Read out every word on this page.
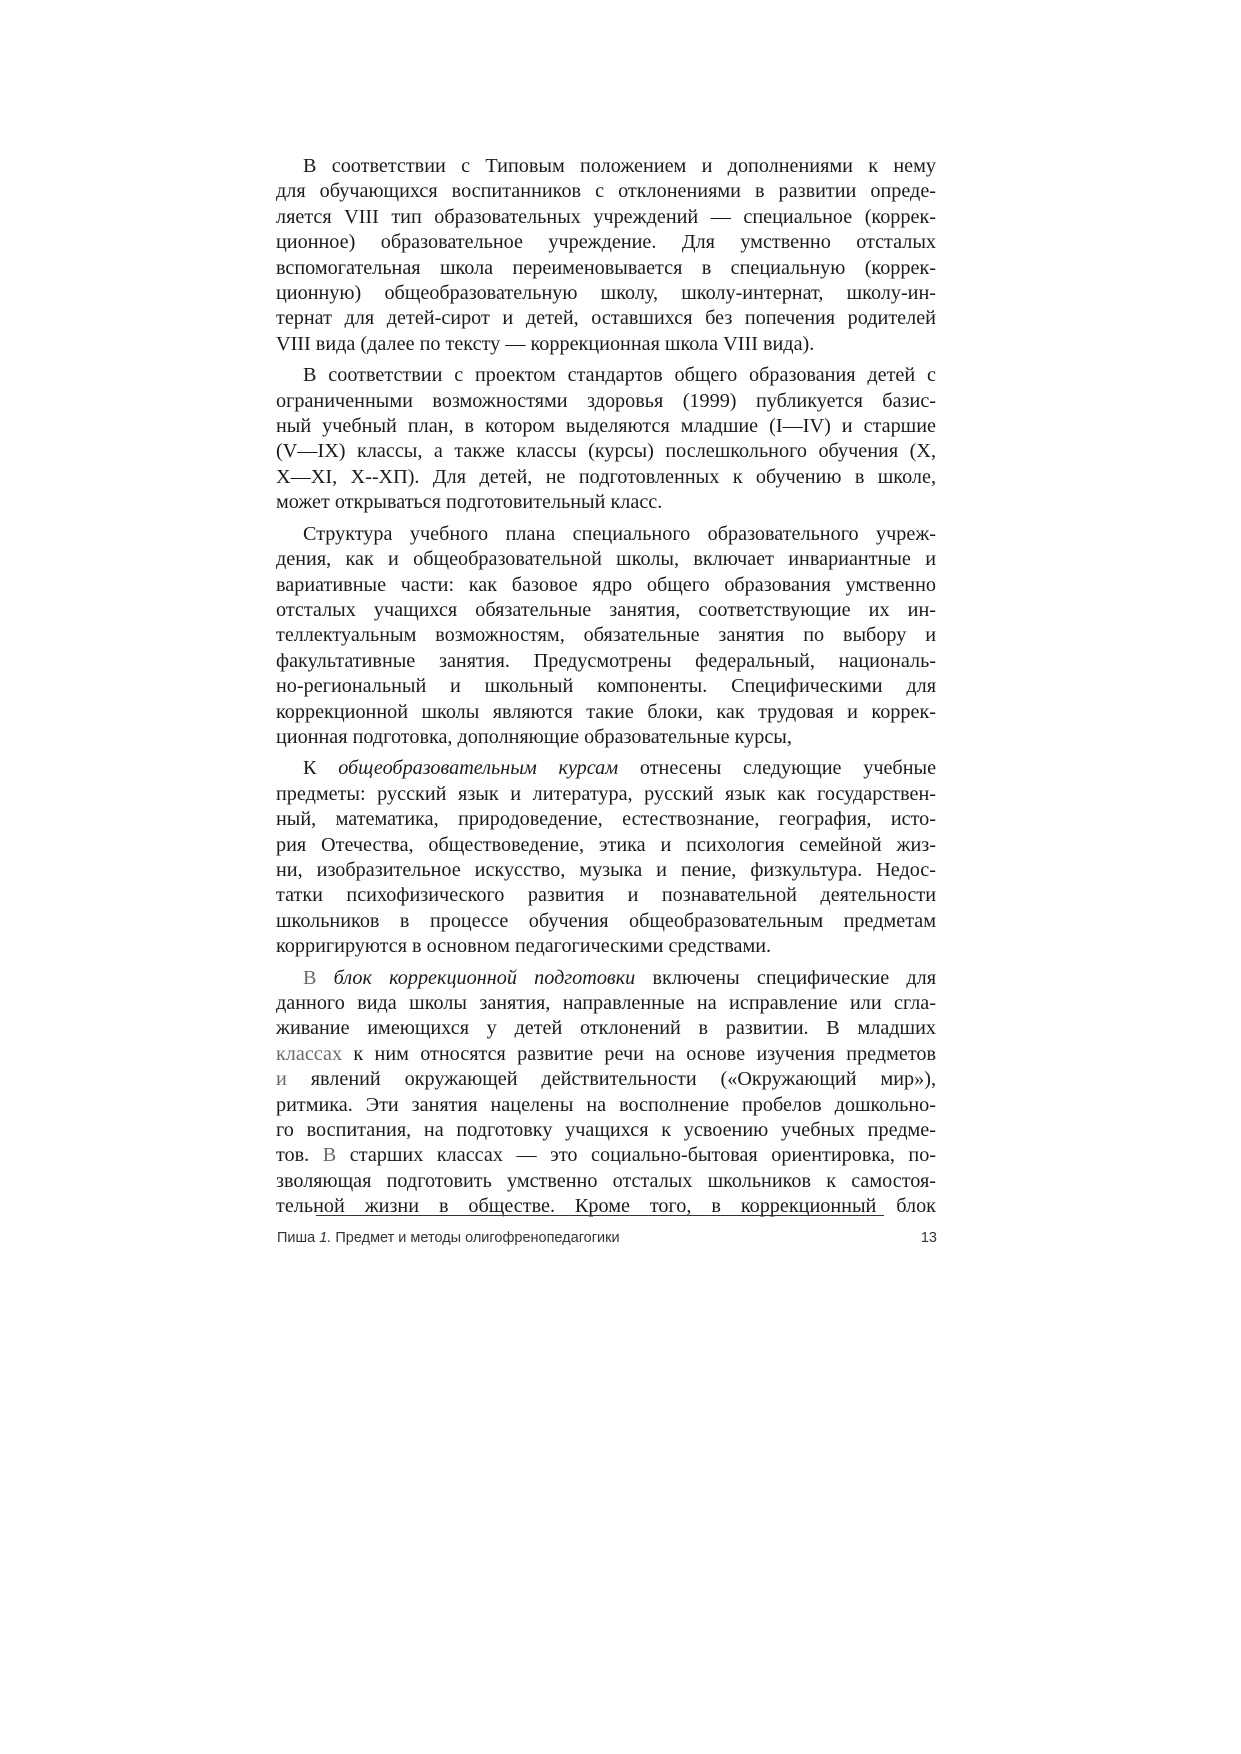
В соответствии с Типовым положением и дополнениями к нему
для обучающихся воспитанников с отклонениями в развитии опреде-
ляется VIII тип образовательных учреждений — специальное (коррек-
ционное) образовательное учреждение. Для умственно отсталых
вспомогательная школа переименовывается в специальную (коррек-
ционную) общеобразовательную школу, школу-интернат, школу-ин-
тернат для детей-сирот и детей, оставшихся без попечения родителей
VIII вида (далее по тексту — коррекционная школа VIII вида).
В соответствии с проектом стандартов общего образования детей с
ограниченными возможностями здоровья (1999) публикуется базис-
ный учебный план, в котором выделяются младшие (I—IV) и старшие
(V—IX) классы, а также классы (курсы) послешкольного обучения (X,
X—XI, X--XП). Для детей, не подготовленных к обучению в школе,
может открываться подготовительный класс.
Структура учебного плана специального образовательного учреж-
дения, как и общеобразовательной школы, включает инвариантные и
вариативные части: как базовое ядро общего образования умственно
отсталых учащихся обязательные занятия, соответствующие их ин-
теллектуальным возможностям, обязательные занятия по выбору и
факультативные занятия. Предусмотрены федеральный, националь-
но-региональный и школьный компоненты. Специфическими для
коррекционной школы являются такие блоки, как трудовая и коррек-
ционная подготовка, дополняющие образовательные курсы,
К общеобразовательным курсам отнесены следующие учебные
предметы: русский язык и литература, русский язык как государствен-
ный, математика, природоведение, естествознание, география, исто-
рия Отечества, обществоведение, этика и психология семейной жиз-
ни, изобразительное искусство, музыка и пение, физкультура. Недос-
татки психофизического развития и познавательной деятельности
школьников в процессе обучения общеобразовательным предметам
корригируются в основном педагогическими средствами.
В блок коррекционной подготовки включены специфические для
данного вида школы занятия, направленные на исправление или сгла-
живание имеющихся у детей отклонений в развитии. В младших
классах к ним относятся развитие речи на основе изучения предметов
и явлений окружающей действительности («Окружающий мир»),
ритмика. Эти занятия нацелены на восполнение пробелов дошкольно-
го воспитания, на подготовку учащихся к усвоению учебных предме-
тов. В старших классах — это социально-бытовая ориентировка, по-
зволяющая подготовить умственно отсталых школьников к самостоя-
тельной жизни в обществе. Кроме того, в коррекционный блок
Пиша 1. Предмет и методы олигофренопедагогики	13
